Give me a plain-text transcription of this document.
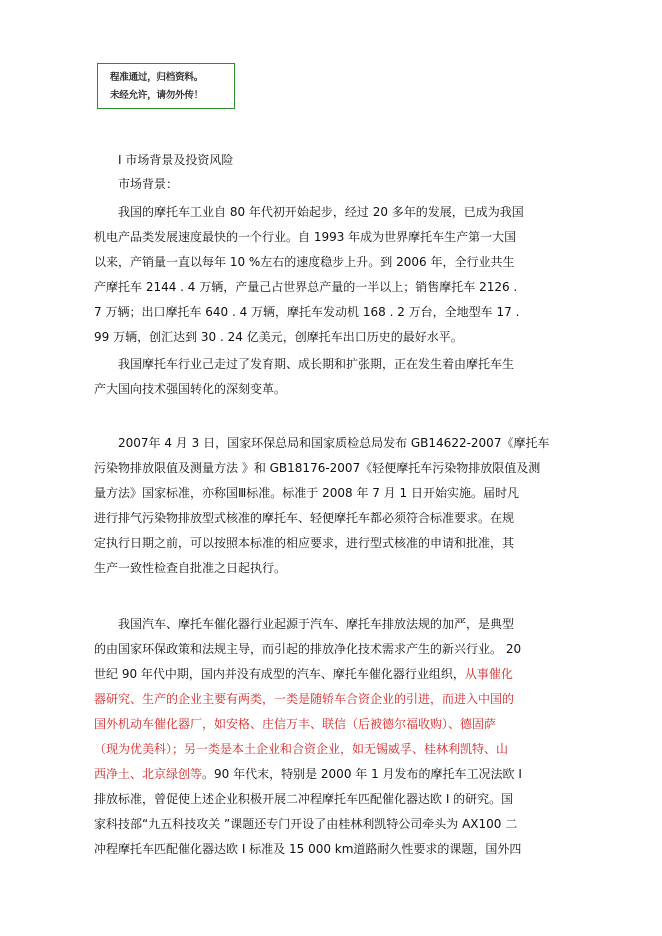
程准通过，归档资料。
未经允许，请勿外传！
Ⅰ 市场背景及投资风险
市场背景：
我国的摩托车工业自 80 年代初开始起步，经过 20 多年的发展，已成为我国
机电产品类发展速度最快的一个行业。自 1993 年成为世界摩托车生产第一大国
以来，产销量一直以每年 10 %左右的速度稳步上升。到 2006 年，全行业共生
产摩托车 2144 . 4 万辆，产量己占世界总产量的一半以上；销售摩托车 2126 .
7 万辆；出口摩托车 640 . 4 万辆，摩托车发动机 168 . 2 万台，全地型车 17 .
99 万辆，创汇达到 30 . 24 亿美元，创摩托车出口历史的最好水平。
我国摩托车行业己走过了发育期、成长期和扩张期，正在发生着由摩托车生
产大国向技术强国转化的深刻变革。
2007年 4 月 3 日，国家环保总局和国家质检总局发布 GB14622-2007《摩托车
污染物排放限值及测量方法 》和 GB18176-2007《轻便摩托车污染物排放限值及测
量方法》国家标准，亦称国Ⅲ标准。标准于 2008 年 7 月 1 日开始实施。届时凡
进行排气污染物排放型式核准的摩托车、轻便摩托车都必须符合标准要求。在规
定执行日期之前，可以按照本标准的相应要求，进行型式核准的申请和批准，其
生产一致性检查自批准之日起执行。
我国汽车、摩托车催化器行业起源于汽车、摩托车排放法规的加严，是典型
的由国家环保政策和法规主导，而引起的排放净化技术需求产生的新兴行业。 20
世纪 90 年代中期，国内并没有成型的汽车、摩托车催化器行业组织，从事催化
器研究、生产的企业主要有两类，一类是随轿车合资企业的引进，而进入中国的
国外机动车催化器厂，如安格、庄信万丰、联信（后被德尔福收购）、德固萨
（现为优美科）；另一类是本土企业和合资企业，如无锡威孚、桂林利凯特、山
西净土、北京绿创等。90 年代末，特别是 2000 年 1 月发布的摩托车工况法欧 Ⅰ
排放标准，曾促使上述企业积极开展二冲程摩托车匹配催化器达欧 Ⅰ 的研究。国
家科技部“九五科技攻关 ”课题还专门开设了由桂林利凯特公司牵头为 AX100 二
冲程摩托车匹配催化器达欧 Ⅰ 标准及 15 000 km道路耐久性要求的课题，国外四
